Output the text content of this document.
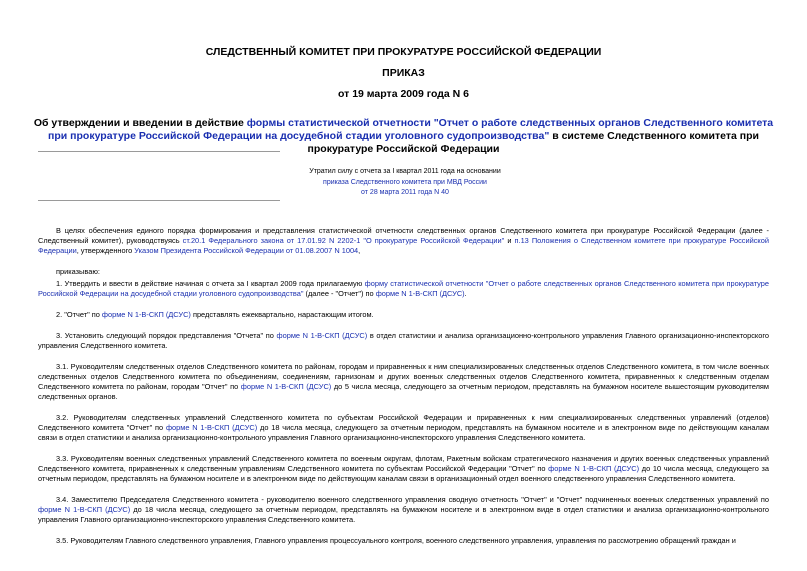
СЛЕДСТВЕННЫЙ КОМИТЕТ ПРИ ПРОКУРАТУРЕ РОССИЙСКОЙ ФЕДЕРАЦИИ
ПРИКАЗ
от 19 марта 2009 года N 6
Об утверждении и введении в действие формы статистической отчетности "Отчет о работе следственных органов Следственного комитета при прокуратуре Российской Федерации на досудебной стадии уголовного судопроизводства" в системе Следственного комитета при прокуратуре Российской Федерации
Утратил силу с отчета за I квартал 2011 года на основании
приказа Следственного комитета при МВД России
от 28 марта 2011 года N 40

В целях обеспечения единого порядка формирования и представления статистической отчетности следственных органов Следственного комитета при прокуратуре Российской Федерации (далее - Следственный комитет), руководствуясь ст.20.1 Федерального закона от 17.01.92 N 2202-1 "О прокуратуре Российской Федерации" и п.13 Положения о Следственном комитете при прокуратуре Российской Федерации, утвержденного Указом Президента Российской Федерации от 01.08.2007 N 1004,

приказываю:

1. Утвердить и ввести в действие начиная с отчета за I квартал 2009 года прилагаемую форму статистической отчетности "Отчет о работе следственных органов Следственного комитета при прокуратуре Российской Федерации на досудебной стадии уголовного судопроизводства" (далее - "Отчет") по форме N 1-В-СКП (ДСУС).

2. "Отчет" по форме N 1-В-СКП (ДСУС) представлять ежеквартально, нарастающим итогом.

3. Установить следующий порядок представления "Отчета" по форме N 1-В-СКП (ДСУС) в отдел статистики и анализа организационно-контрольного управления Главного организационно-инспекторского управления Следственного комитета.

3.1. Руководителям следственных отделов Следственного комитета по районам, городам и приравненных к ним специализированных следственных отделов Следственного комитета, в том числе военных следственных отделов Следственного комитета по объединениям, соединениям, гарнизонам и других военных следственных отделов Следственного комитета, приравненных к следственным отделам Следственного комитета по районам, городам "Отчет" по форме N 1-В-СКП (ДСУС) до 5 числа месяца, следующего за отчетным периодом, представлять на бумажном носителе вышестоящим руководителям следственных органов.

3.2. Руководителям следственных управлений Следственного комитета по субъектам Российской Федерации и приравненных к ним специализированных следственных управлений (отделов) Следственного комитета "Отчет" по форме N 1-В-СКП (ДСУС) до 18 числа месяца, следующего за отчетным периодом, представлять на бумажном носителе и в электронном виде по действующим каналам связи в отдел статистики и анализа организационно-контрольного управления Главного организационно-инспекторского управления Следственного комитета.

3.3. Руководителям военных следственных управлений Следственного комитета по военным округам, флотам, Ракетным войскам стратегического назначения и других военных следственных управлений Следственного комитета, приравненных к следственным управлениям Следственного комитета по субъектам Российской Федерации "Отчет" по форме N 1-В-СКП (ДСУС) до 10 числа месяца, следующего за отчетным периодом, представлять на бумажном носителе и в электронном виде по действующим каналам связи в организационный отдел военного следственного управления Следственного комитета.

3.4. Заместителю Председателя Следственного комитета - руководителю военного следственного управления сводную отчетность "Отчет" и "Отчет" подчиненных военных следственных управлений по форме N 1-В-СКП (ДСУС) до 18 числа месяца, следующего за отчетным периодом, представлять на бумажном носителе и в электронном виде в отдел статистики и анализа организационно-контрольного управления Главного организационно-инспекторского управления Следственного комитета.

3.5. Руководителям Главного следственного управления, Главного управления процессуального контроля, военного следственного управления, управления по рассмотрению обращений граждан и
